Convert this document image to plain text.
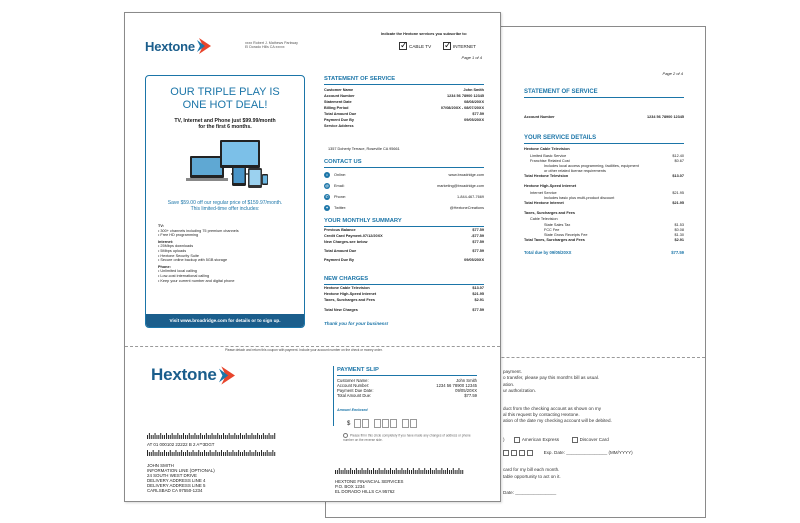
Page 2 of 4
STATEMENT OF SERVICE
Account Number	1234 56 78900 12345
YOUR SERVICE DETAILS
Hextone Cable Television
Limited Basic Service	$12.40
Franchise Related Cost	$0.67
Includes local access programming, facilities, equipment
or other related license requirements
Total Hextone Television	$13.07
Hextone High-Speed Internet
Internet Service	$21.95
Includes basic plus multi-product discount
Total Hextone Internet	$21.95
Taxes, Surcharges and Fees
Cable Television
State Sales Tax	$1.53
FCC Fee	$0.08
State Gross Receipts Fee	$1.30
Total Taxes, Surcharges and Fees	$2.91
Total due by 09/05/20XX	$77.59
payment.
o transfer, please pay this month's bill as usual.
ation.
ur authorization.
duct from the checking account as shown on my
al this request by contacting Hextone.
ation of the date my checking account will be debited.
)	American Express	Discover Card
Exp. Date: ________________ (MM/YYYY)
card for my bill each month.
table opportunity to act on it.
Date: ________________
Hextone	xxxx Robert J. Mathews Parkway
El Dorado Hills CA xxxxx
Indicate the Hextone services you subscribe to:
✓
CABLE TV
✓	INTERNET
Page 1 of 4
OUR TRIPLE PLAY IS
ONE HOT DEAL!
TV, Internet and Phone just $99.99/month
for the first 6 months.
Save $59.00 off our regular price of $159.97/month.
This limited-time offer includes:
TV:
• 300+ channels including 75 premium channels
• Free HD programming
Internet:
• 25Mbps downloads
• 5Mbps uploads
• Hextone Security Suite
• Secure online backup with 5GB storage
Phone:
• Unlimited local calling
• Low-cost international calling
• Keep your current number and digital phone
Visit www.broadridge.com for details or to sign up.
STATEMENT OF SERVICE
Customer Name	John Smith
Account Number	1234 56 78900 12345
Statement Date	08/08/20XX
Billing Period	07/08/20XX - 08/07/20XX
Total Amount Due	$77.59
Payment Due By	09/05/20XX
Service Address
1357 Doherty Terrace, Roseville CA 95661
CONTACT US
⌂	Online:	www.broadridge.com
@ Email:	marketing@broadridge.com
✆	Phone:	1-844-467-7669
✦	Twitter:	@HextoneCreations
YOUR MONTHLY SUMMARY
Previous Balance	$77.59
Credit Card Payment-07/12/20XX	-$77.59
New Charges-see below	$77.59
Total Amount Due	$77.59
Payment Due By	09/05/20XX
NEW CHARGES
Hextone Cable Television	$13.07
Hextone High-Speed Internet	$21.95
Taxes, Surcharges and Fees	$2.91
Total New Charges	$77.59
Thank you for your business!
Please detach and return this coupon with payment. Include your account number on the check or money order.
Hextone	PAYMENT SLIP
Customer Name:	John Smith
Account Number:	1234 56 78900 12345
Payment Due Date:	09/05/20XX
Total Amount Due:	$77.59
Amount Enclosed
$
Please fill in this circle completely if you have made any changes of address or phone number on the reverse side.
AT 01 000102 22222 B 2 A**3DGT
JOHN SMITH
INFORMATION LINE (OPTIONAL)
24 SOUTH WEST DRIVE
DELIVERY ADDRESS LINE 4
DELIVERY ADDRESS LINE 5
CARLSBAD CA 97550-1234
HEXTONE FINANCIAL SERVICES
P.O. BOX 1234
EL DORADO HILLS CA 95762
